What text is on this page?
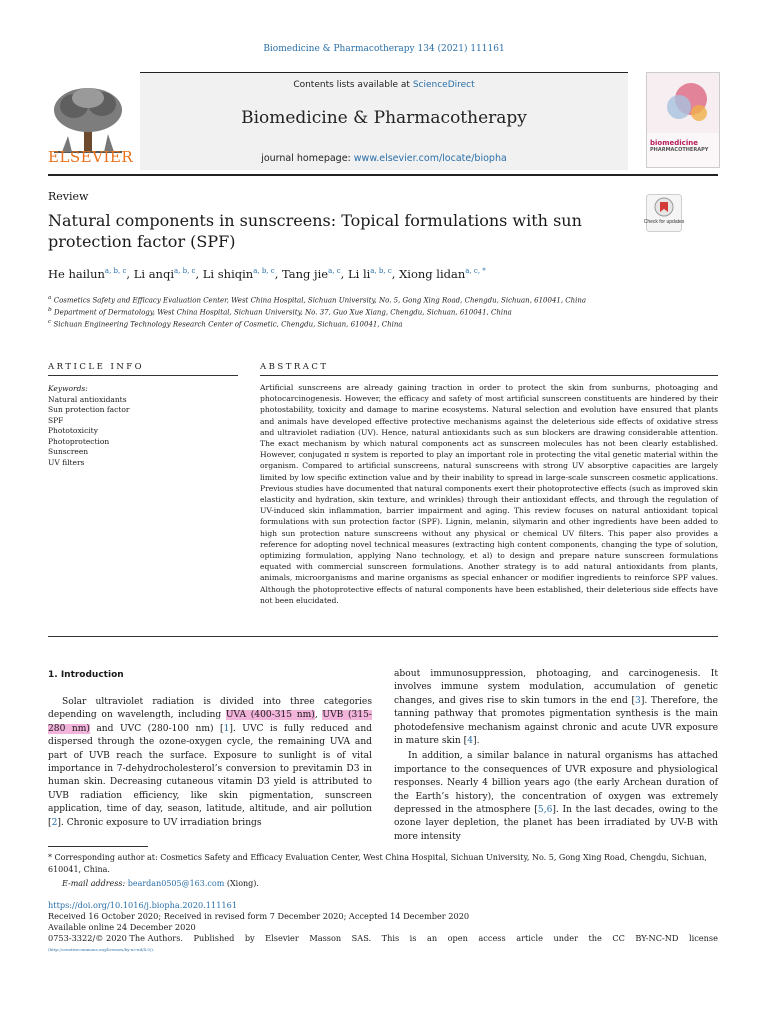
Biomedicine & Pharmacotherapy 134 (2021) 111161
ELSEVIER
Contents lists available at ScienceDirect
Biomedicine & Pharmacotherapy
journal homepage: www.elsevier.com/locate/biopha
biomedicine
PHARMACOTHERAPY
Review
Natural components in sunscreens: Topical formulations with sun protection factor (SPF)
Check for updates
He hailun$^{a, b, c}$, Li anqi$^{a, b, c}$, Li shiqin$^{a, b, c}$, Tang jie$^{a, c}$, Li li$^{a, b, c}$, Xiong lidan$^{a, c, *}$
$^a$ Cosmetics Safety and Efficacy Evaluation Center, West China Hospital, Sichuan University, No. 5, Gong Xing Road, Chengdu, Sichuan, 610041, China
$^b$ Department of Dermatology, West China Hospital, Sichuan University, No. 37, Guo Xue Xiang, Chengdu, Sichuan, 610041, China
$^c$ Sichuan Engineering Technology Research Center of Cosmetic, Chengdu, Sichuan, 610041, China
ARTICLE INFO	ABSTRACT
Keywords:
Natural antioxidants
Sun protection factor
SPF
Phototoxicity
Photoprotection
Sunscreen
UV filters
Artificial sunscreens are already gaining traction in order to protect the skin from sunburns, photoaging and photocarcinogenesis. However, the efficacy and safety of most artificial sunscreen constituents are hindered by their photostability, toxicity and damage to marine ecosystems. Natural selection and evolution have ensured that plants and animals have developed effective protective mechanisms against the deleterious side effects of oxidative stress and ultraviolet radiation (UV). Hence, natural antioxidants such as sun blockers are drawing considerable attention. The exact mechanism by which natural components act as sunscreen molecules has not been clearly established. However, conjugated π system is reported to play an important role in protecting the vital genetic material within the organism. Compared to artificial sunscreens, natural sunscreens with strong UV absorptive capacities are largely limited by low specific extinction value and by their inability to spread in large-scale sunscreen cosmetic applications. Previous studies have documented that natural components exert their photoprotective effects (such as improved skin elasticity and hydration, skin texture, and wrinkles) through their antioxidant effects, and through the regulation of UV-induced skin inflammation, barrier impairment and aging. This review focuses on natural antioxidant topical formulations with sun protection factor (SPF). Lignin, melanin, silymarin and other ingredients have been added to high sun protection nature sunscreens without any physical or chemical UV filters. This paper also provides a reference for adopting novel technical measures (extracting high content components, changing the type of solution, optimizing formulation, applying Nano technology, et al) to design and prepare nature sunscreen formulations equated with commercial sunscreen formulations. Another strategy is to add natural antioxidants from plants, animals, microorganisms and marine organisms as special enhancer or modifier ingredients to reinforce SPF values. Although the photoprotective effects of natural components have been established, their deleterious side effects have not been elucidated.
1. Introduction

Solar ultraviolet radiation is divided into three categories depending on wavelength, including UVA (400-315 nm), UVB (315-280 nm) and UVC (280-100 nm) [1]. UVC is fully reduced and dispersed through the ozone-oxygen cycle, the remaining UVA and part of UVB reach the surface. Exposure to sunlight is of vital importance in 7-dehydrocholesterol’s conversion to previtamin D3 in human skin. Decreasing cutaneous vitamin D3 yield is attributed to UVB radiation efficiency, like skin pigmentation, sunscreen application, time of day, season, latitude, altitude, and air pollution [2]. Chronic exposure to UV irradiation brings

about immunosuppression, photoaging, and carcinogenesis. It involves immune system modulation, accumulation of genetic changes, and gives rise to skin tumors in the end [3]. Therefore, the tanning pathway that promotes pigmentation synthesis is the main photodefensive mechanism against chronic and acute UVR exposure in mature skin [4].

In addition, a similar balance in natural organisms has attached importance to the consequences of UVR exposure and physiological responses. Nearly 4 billion years ago (the early Archean duration of the Earth’s history), the concentration of oxygen was extremely depressed in the atmosphere [5,6]. In the last decades, owing to the ozone layer depletion, the planet has been irradiated by UV-B with more intensity

* Corresponding author at: Cosmetics Safety and Efficacy Evaluation Center, West China Hospital, Sichuan University, No. 5, Gong Xing Road, Chengdu, Sichuan, 610041, China.
E-mail address: beardan0505@163.com (Xiong).
https://doi.org/10.1016/j.biopha.2020.111161
Received 16 October 2020; Received in revised form 7 December 2020; Accepted 14 December 2020
Available online 24 December 2020
0753-3322/© 2020 The Authors. Published by Elsevier Masson SAS. This is an open access article under the CC BY-NC-ND license
(http://creativecommons.org/licenses/by-nc-nd/4.0/).
